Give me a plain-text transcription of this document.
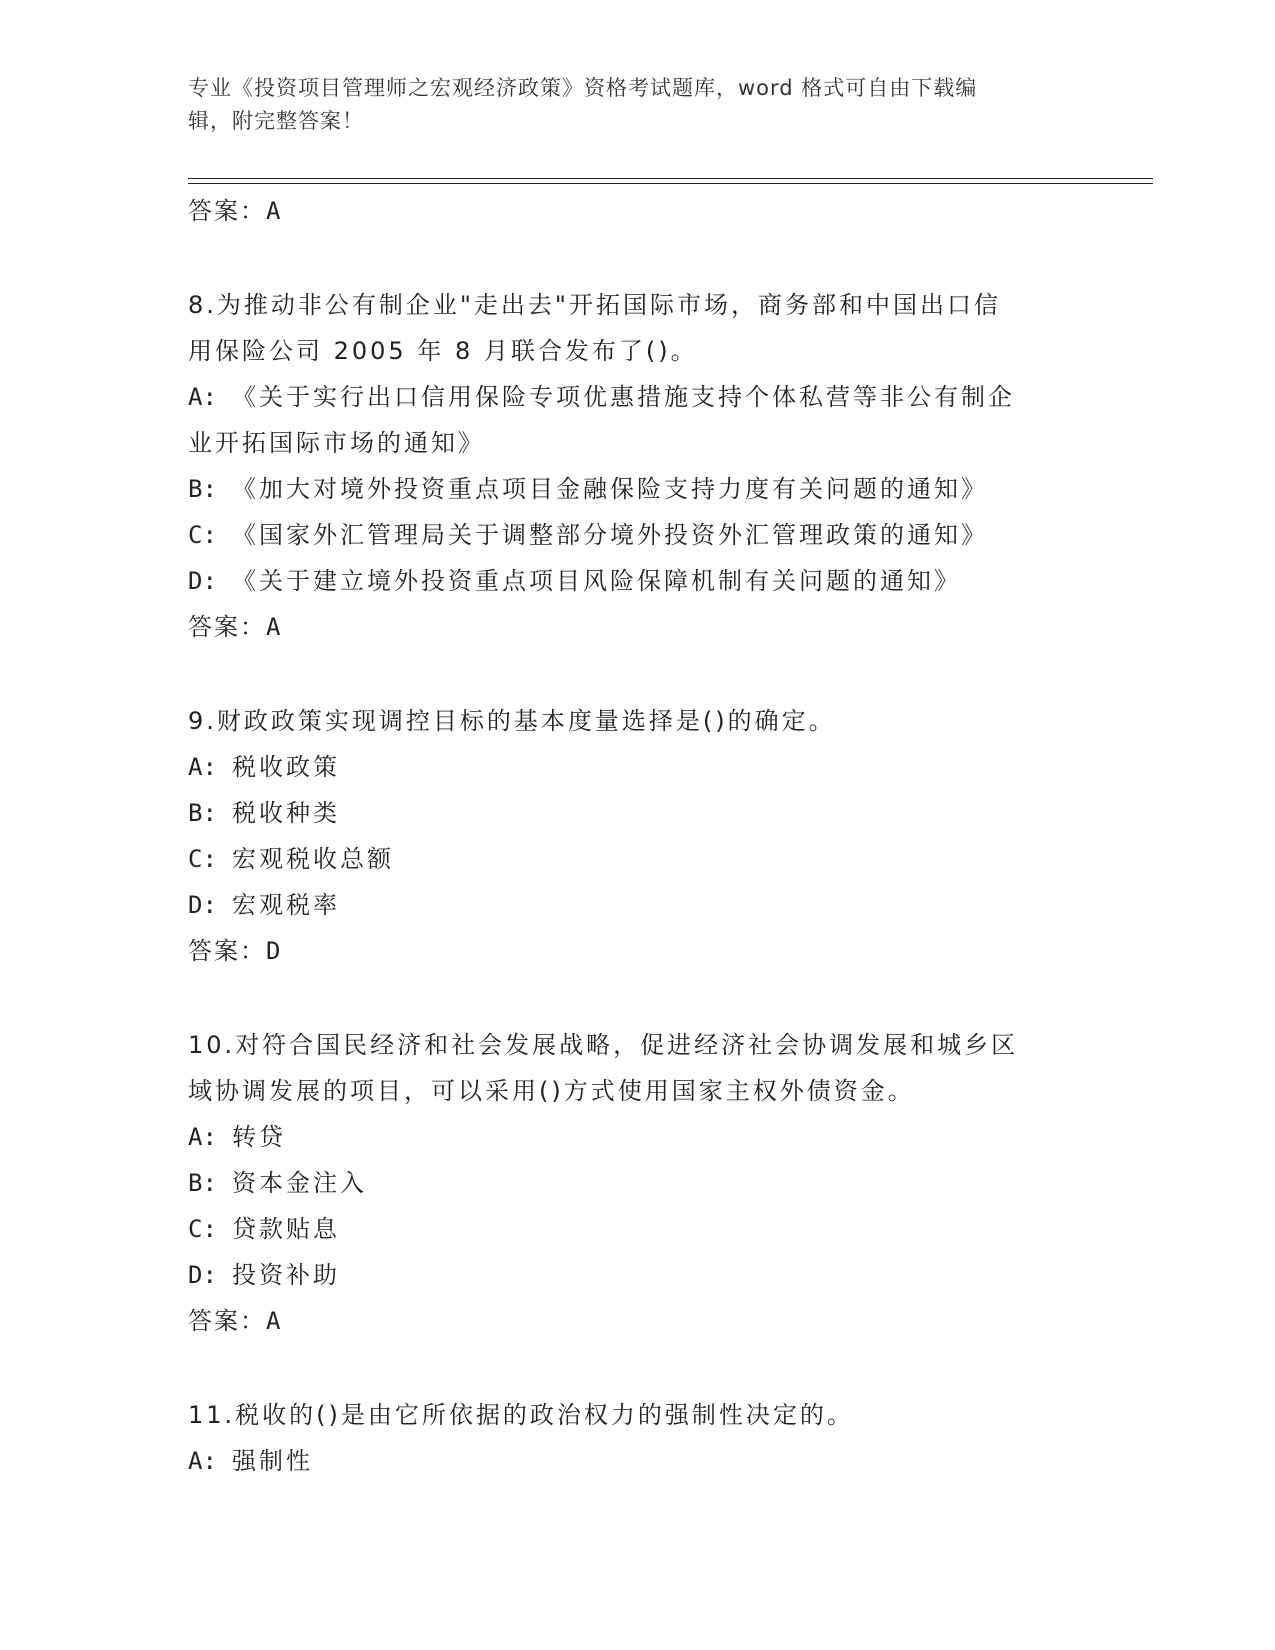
专业《投资项目管理师之宏观经济政策》资格考试题库，word 格式可自由下载编
辑，附完整答案！
答案：A
8.为推动非公有制企业"走出去"开拓国际市场，商务部和中国出口信
用保险公司 2005 年 8 月联合发布了()。
A: 《关于实行出口信用保险专项优惠措施支持个体私营等非公有制企
业开拓国际市场的通知》
B: 《加大对境外投资重点项目金融保险支持力度有关问题的通知》
C: 《国家外汇管理局关于调整部分境外投资外汇管理政策的通知》
D: 《关于建立境外投资重点项目风险保障机制有关问题的通知》
答案：A
9.财政政策实现调控目标的基本度量选择是()的确定。
A: 税收政策
B: 税收种类
C: 宏观税收总额
D: 宏观税率
答案：D
10.对符合国民经济和社会发展战略，促进经济社会协调发展和城乡区
域协调发展的项目，可以采用()方式使用国家主权外债资金。
A: 转贷
B: 资本金注入
C: 贷款贴息
D: 投资补助
答案：A
11.税收的()是由它所依据的政治权力的强制性决定的。
A: 强制性
